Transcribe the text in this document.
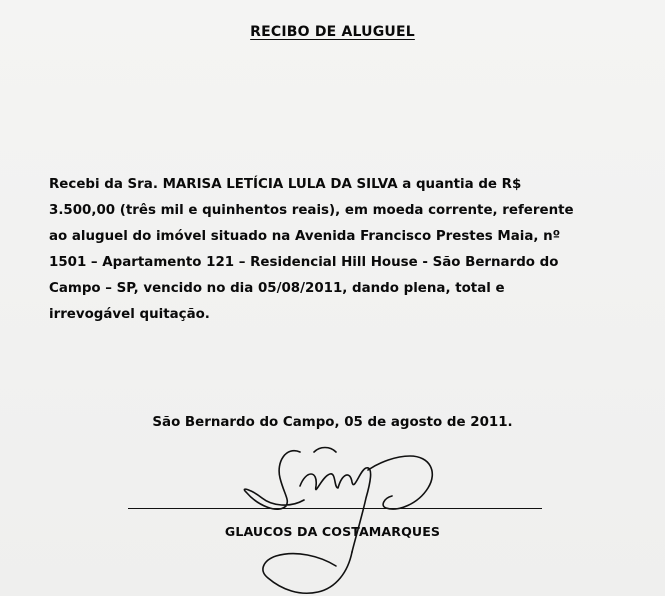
RECIBO DE ALUGUEL
Recebi da Sra. MARISA LETÍCIA LULA DA SILVA a quantia de R$
3.500,00 (três mil e quinhentos reais), em moeda corrente, referente
ao aluguel do imóvel situado na Avenida Francisco Prestes Maia, nº
1501 – Apartamento 121 – Residencial Hill House - São Bernardo do
Campo – SP, vencido no dia 05/08/2011, dando plena, total e
irrevogável quitação.
São Bernardo do Campo, 05 de agosto de 2011.
GLAUCOS DA COSTAMARQUES
